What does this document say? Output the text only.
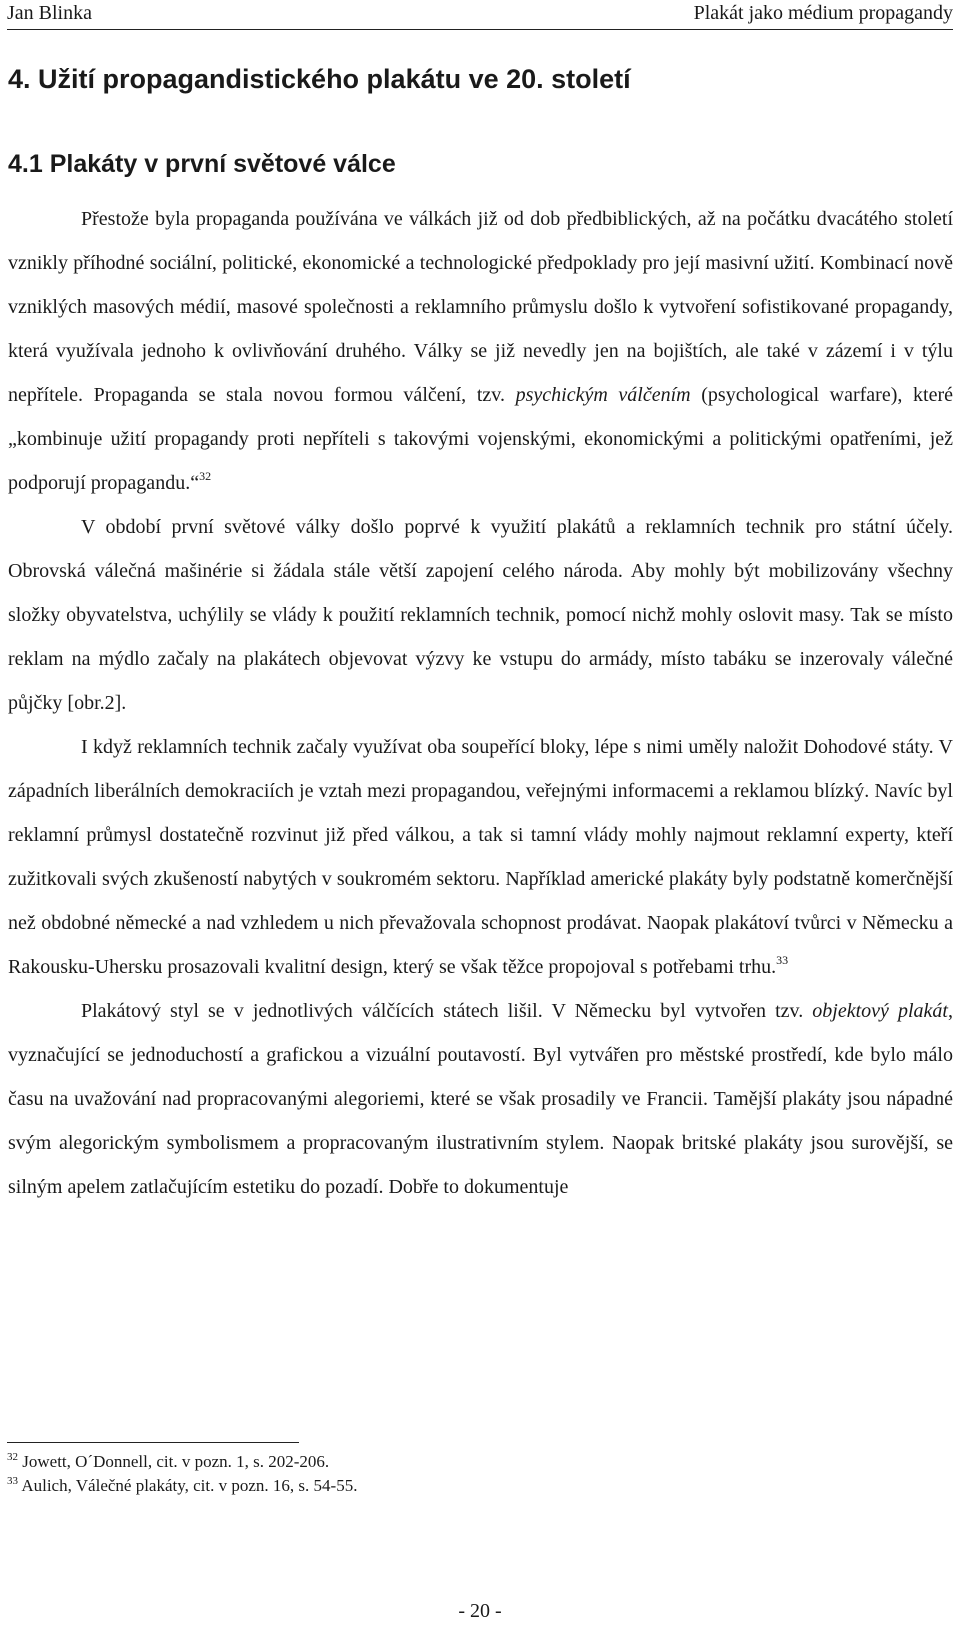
Jan Blinka	Plakát jako médium propagandy
4. Užití propagandistického plakátu ve 20. století
4.1 Plakáty v první světové válce

Přestože byla propaganda používána ve válkách již od dob předbiblických, až na počátku dvacátého století vznikly příhodné sociální, politické, ekonomické a technologické předpoklady pro její masivní užití. Kombinací nově vzniklých masových médií, masové společnosti a reklamního průmyslu došlo k vytvoření sofistikované propagandy, která využívala jednoho k ovlivňování druhého. Války se již nevedly jen na bojištích, ale také v zázemí i v týlu nepřítele. Propaganda se stala novou formou válčení, tzv. psychickým válčením (psychological warfare), které „kombinuje užití propagandy proti nepříteli s takovými vojenskými, ekonomickými a politickými opatřeními, jež podporují propagandu.“$^{32}$

V období první světové války došlo poprvé k využití plakátů a reklamních technik pro státní účely. Obrovská válečná mašinérie si žádala stále větší zapojení celého národa. Aby mohly být mobilizovány všechny složky obyvatelstva, uchýlily se vlády k použití reklamních technik, pomocí nichž mohly oslovit masy. Tak se místo reklam na mýdlo začaly na plakátech objevovat výzvy ke vstupu do armády, místo tabáku se inzerovaly válečné půjčky [obr.2].

I když reklamních technik začaly využívat oba soupeřící bloky, lépe s nimi uměly naložit Dohodové státy. V západních liberálních demokraciích je vztah mezi propagandou, veřejnými informacemi a reklamou blízký. Navíc byl reklamní průmysl dostatečně rozvinut již před válkou, a tak si tamní vlády mohly najmout reklamní experty, kteří zužitkovali svých zkušeností nabytých v soukromém sektoru. Například americké plakáty byly podstatně komerčnější než obdobné německé a nad vzhledem u nich převažovala schopnost prodávat. Naopak plakátoví tvůrci v Německu a Rakousku-Uhersku prosazovali kvalitní design, který se však těžce propojoval s potřebami trhu.$^{33}$

Plakátový styl se v jednotlivých válčících státech lišil. V Německu byl vytvořen tzv. objektový plakát, vyznačující se jednoduchostí a grafickou a vizuální poutavostí. Byl vytvářen pro městské prostředí, kde bylo málo času na uvažování nad propracovanými alegoriemi, které se však prosadily ve Francii. Tamější plakáty jsou nápadné svým alegorickým symbolismem a propracovaným ilustrativním stylem. Naopak britské plakáty jsou surovější, se silným apelem zatlačujícím estetiku do pozadí. Dobře to dokumentuje

$^{32}$ Jowett, O´Donnell, cit. v pozn. 1, s. 202-206.
$^{33}$ Aulich, Válečné plakáty, cit. v pozn. 16, s. 54-55.
- 20 -
